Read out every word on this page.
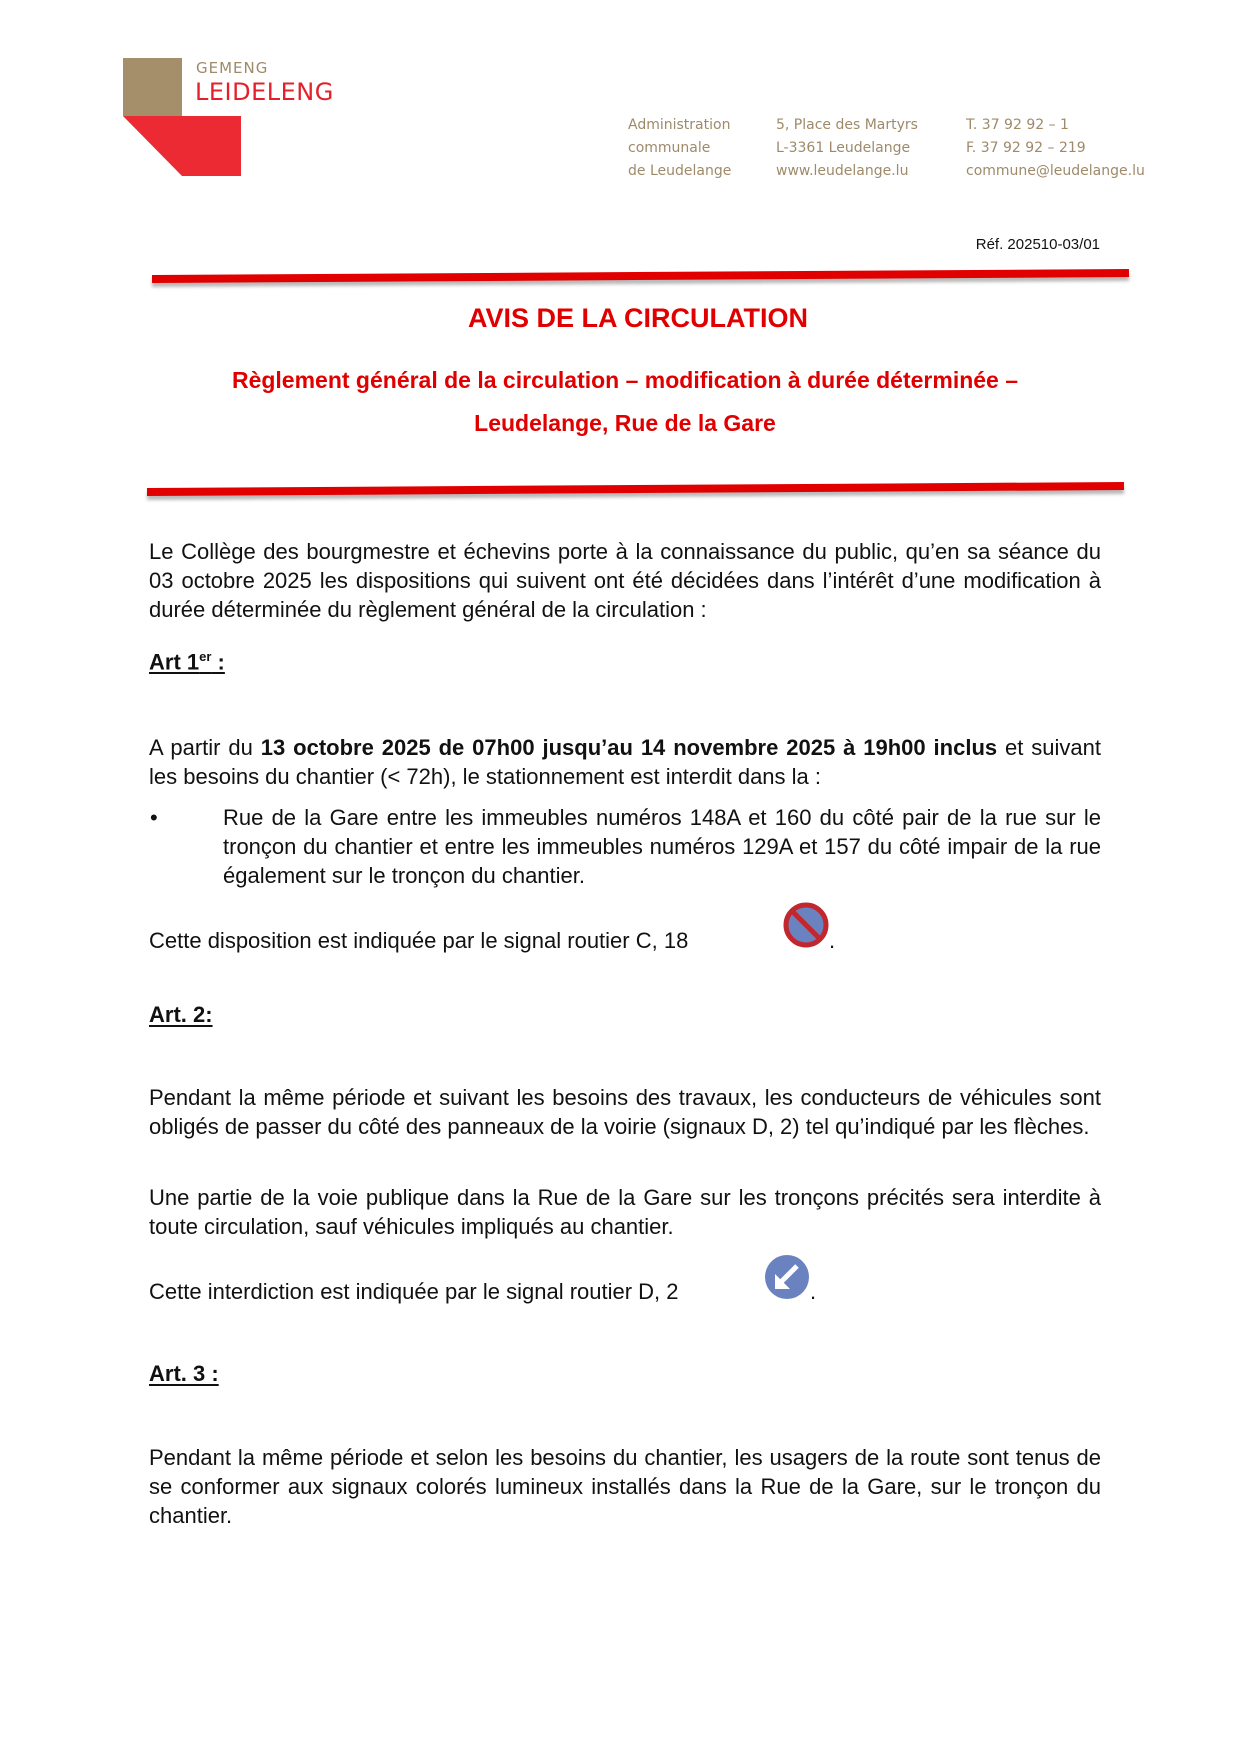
GEMENG
LEIDELENG
Administration
communale
de Leudelange
5, Place des Martyrs
L-3361 Leudelange
www.leudelange.lu
T. 37 92 92 – 1
F. 37 92 92 – 219
commune@leudelange.lu
Réf. 202510-03/01
AVIS DE LA CIRCULATION
Règlement général de la circulation – modification à durée déterminée –
Leudelange, Rue de la Gare
Le Collège des bourgmestre et échevins porte à la connaissance du public, qu’en sa séance du 03 octobre 2025 les dispositions qui suivent ont été décidées dans l’intérêt d’une modification à durée déterminée du règlement général de la circulation :
Art 1er :
A partir du 13 octobre 2025 de 07h00 jusqu’au 14 novembre 2025 à 19h00 inclus et suivant les besoins du chantier (< 72h), le stationnement est interdit dans la :
•	Rue de la Gare entre les immeubles numéros 148A et 160 du côté pair de la rue sur le tronçon du chantier et entre les immeubles numéros 129A et 157 du côté impair de la rue également sur le tronçon du chantier.
Cette disposition est indiquée par le signal routier C, 18	.
Art. 2:
Pendant la même période et suivant les besoins des travaux, les conducteurs de véhicules sont obligés de passer du côté des panneaux de la voirie (signaux D, 2) tel qu’indiqué par les flèches.
Une partie de la voie publique dans la Rue de la Gare sur les tronçons précités sera interdite à toute circulation, sauf véhicules impliqués au chantier.
Cette interdiction est indiquée par le signal routier D, 2	.
Art. 3 :
Pendant la même période et selon les besoins du chantier, les usagers de la route sont tenus de se conformer aux signaux colorés lumineux installés dans la Rue de la Gare, sur le tronçon du chantier.
